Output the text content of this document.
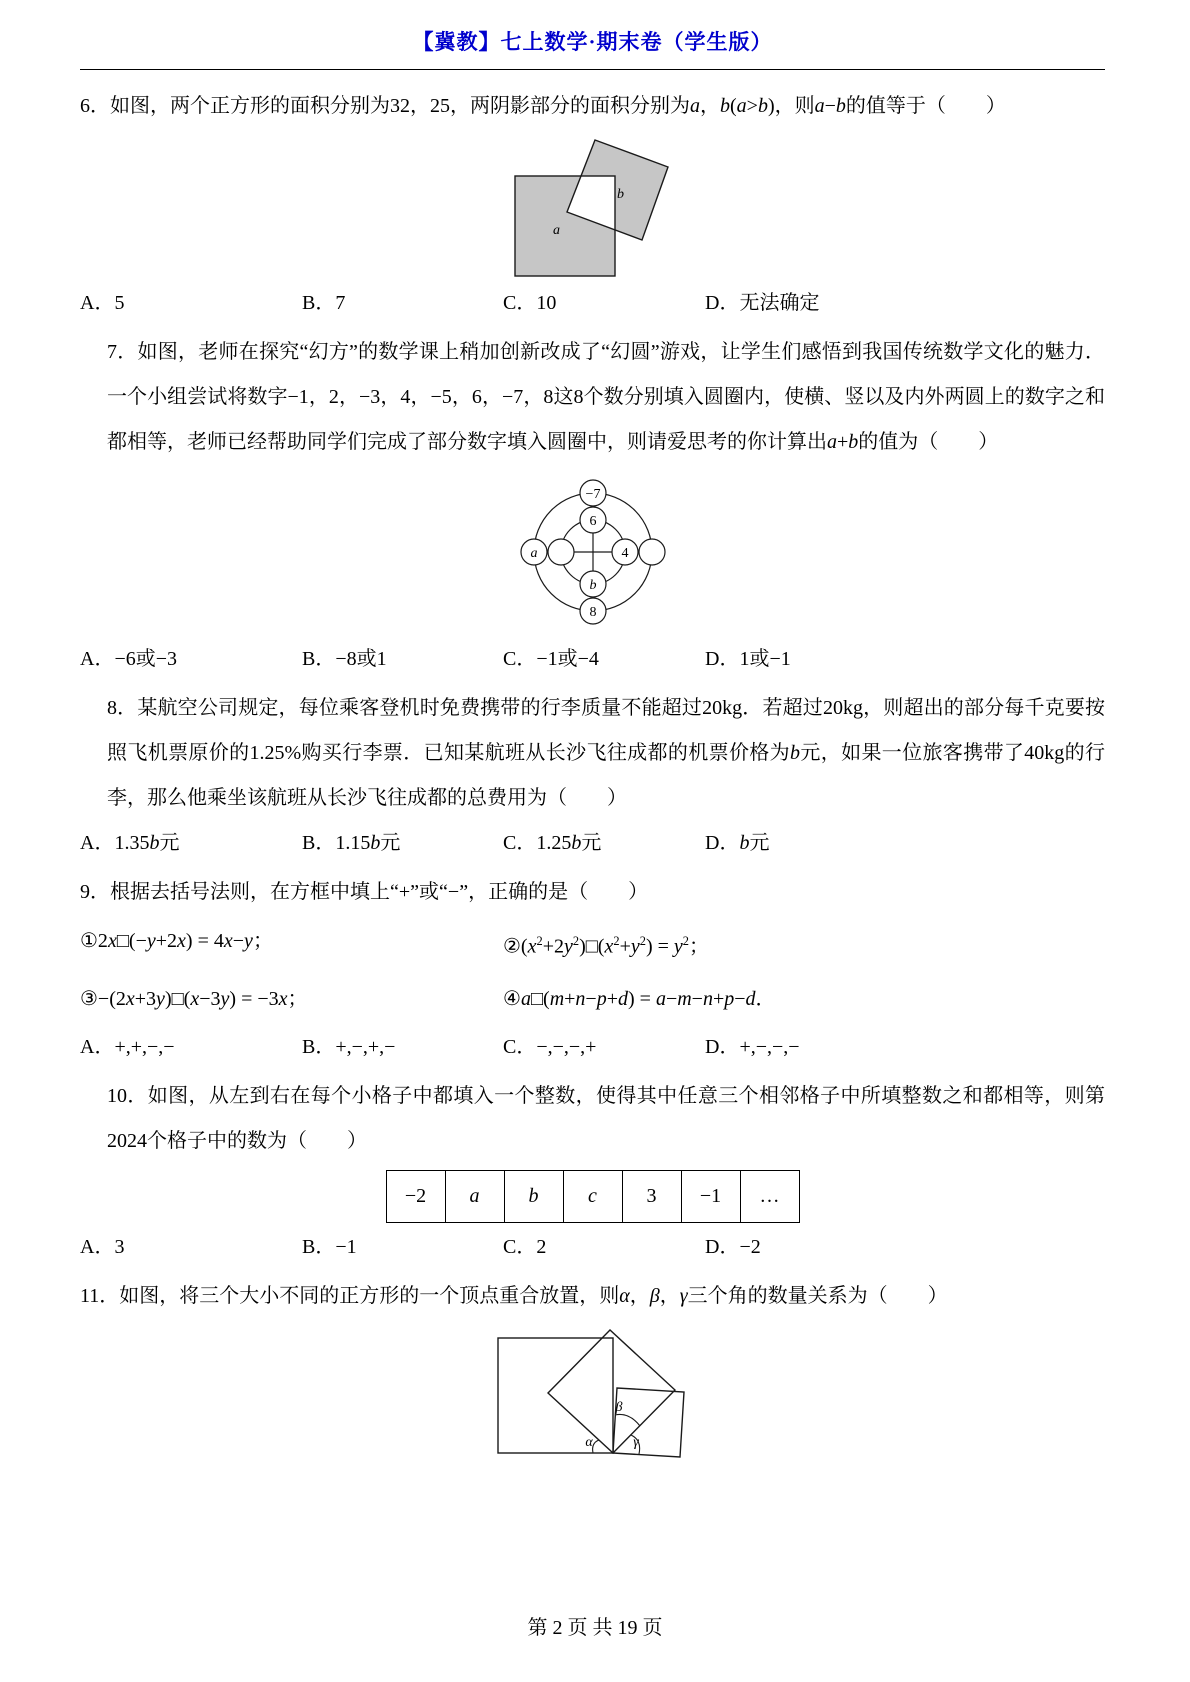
【冀教】七上数学·期末卷（学生版）

6．如图，两个正方形的面积分别为32，25，两阴影部分的面积分别为a，b(a>b)，则a−b的值等于（　　）

a
b
A．5	B．7	C．10	D．无法确定

7．如图，老师在探究“幻方”的数学课上稍加创新改成了“幻圆”游戏，让学生们感悟到我国传统数学文化的魅力．一个小组尝试将数字−1，2，−3，4，−5，6，−7，8这8个数分别填入圆圈内，使横、竖以及内外两圆上的数字之和都相等，老师已经帮助同学们完成了部分数字填入圆圈中，则请爱思考的你计算出a+b的值为（　　）

−7
6
a	4
b
8
A．−6或−3	B．−8或1	C．−1或−4	D．1或−1

8．某航空公司规定，每位乘客登机时免费携带的行李质量不能超过20kg．若超过20kg，则超出的部分每千克要按照飞机票原价的1.25%购买行李票．已知某航班从长沙飞往成都的机票价格为b元，如果一位旅客携带了40kg的行李，那么他乘坐该航班从长沙飞往成都的总费用为（　　）

A．1.35b元	B．1.15b元	C．1.25b元	D．b元

9．根据去括号法则，在方框中填上“+”或“−”，正确的是（　　）

①2x□(−y+2x) = 4x−y；	$②(x^2+2y^2)□(x^2+y^2) = y^2$；
③−(2x+3y)□(x−3y) = −3x；	④a□(m+n−p+d) = a−m−n+p−d．
A．+,+,−,−	B．+,−,+,−	C．−,−,−,+	D．+,−,−,−

10．如图，从左到右在每个小格子中都填入一个整数，使得其中任意三个相邻格子中所填整数之和都相等，则第2024个格子中的数为（　　）

−2	a	b	c	3	−1	…
A．3	B．−1	C．2	D．−2

11．如图，将三个大小不同的正方形的一个顶点重合放置，则α，β，γ三个角的数量关系为（　　）

α
β
γ
第 2 页 共 19 页
